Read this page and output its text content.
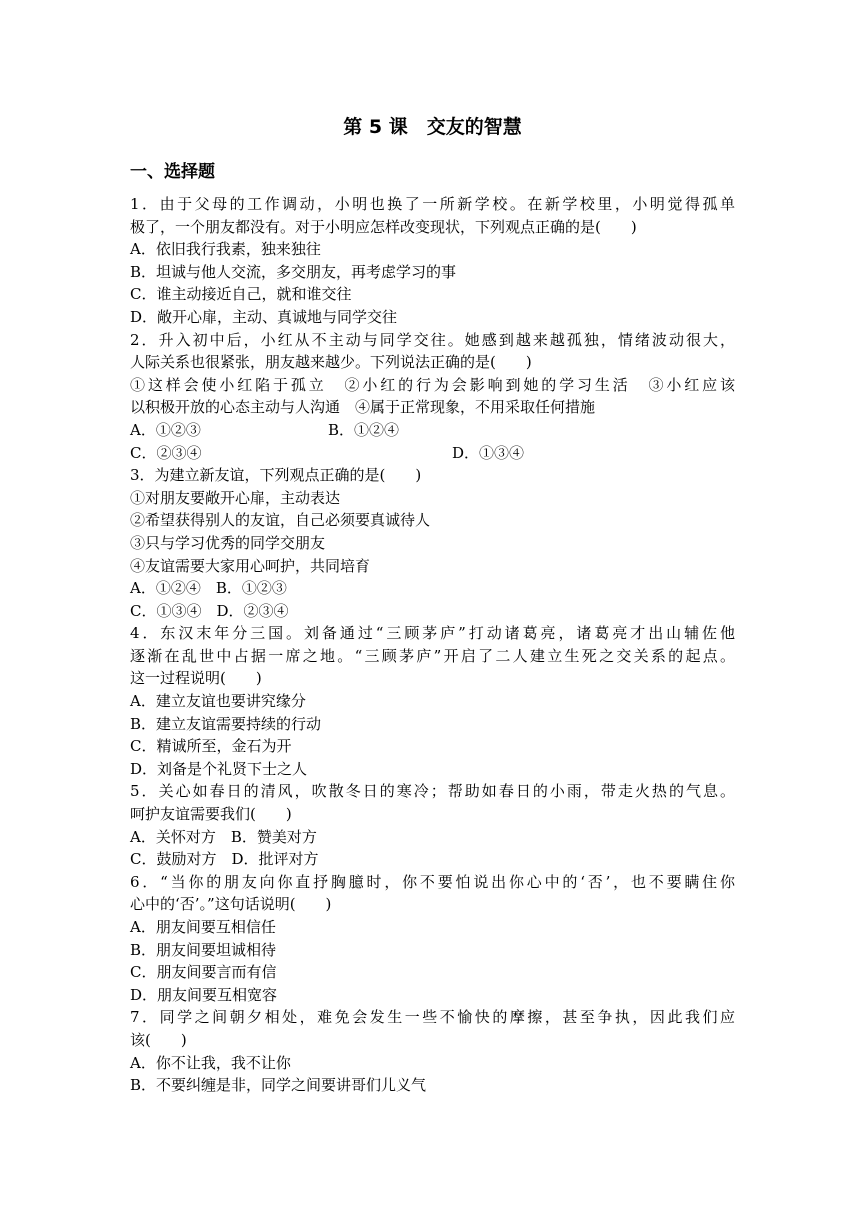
第 5 课　交友的智慧
一、选择题
1．由于父母的工作调动，小明也换了一所新学校。在新学校里，小明觉得孤单
极了，一个朋友都没有。对于小明应怎样改变现状，下列观点正确的是(　　)
A．依旧我行我素，独来独往
B．坦诚与他人交流，多交朋友，再考虑学习的事
C．谁主动接近自己，就和谁交往
D．敞开心扉，主动、真诚地与同学交往
2．升入初中后，小红从不主动与同学交往。她感到越来越孤独，情绪波动很大，
人际关系也很紧张，朋友越来越少。下列说法正确的是(　　)
①这样会使小红陷于孤立　②小红的行为会影响到她的学习生活　③小红应该
以积极开放的心态主动与人沟通　④属于正常现象，不用采取任何措施

A．①②③

	B．①②④

C．②③④

	D．①③④

3．为建立新友谊，下列观点正确的是(　　)
①对朋友要敞开心扉，主动表达
②希望获得别人的友谊，自己必须要真诚待人
③只与学习优秀的同学交朋友
④友谊需要大家用心呵护，共同培育
A．①②④　B．①②③
C．①③④　D．②③④
4．东汉末年分三国。刘备通过“三顾茅庐”打动诸葛亮，诸葛亮才出山辅佐他
逐渐在乱世中占据一席之地。“三顾茅庐”开启了二人建立生死之交关系的起点。
这一过程说明(　　)
A．建立友谊也要讲究缘分
B．建立友谊需要持续的行动
C．精诚所至，金石为开
D．刘备是个礼贤下士之人
5．关心如春日的清风，吹散冬日的寒冷；帮助如春日的小雨，带走火热的气息。
呵护友谊需要我们(　　)
A．关怀对方　B．赞美对方
C．鼓励对方　D．批评对方
6．“当你的朋友向你直抒胸臆时，你不要怕说出你心中的‘否’，也不要瞒住你
心中的‘否’。”这句话说明(　　)
A．朋友间要互相信任
B．朋友间要坦诚相待
C．朋友间要言而有信
D．朋友间要互相宽容
7．同学之间朝夕相处，难免会发生一些不愉快的摩擦，甚至争执，因此我们应
该(　　)
A．你不让我，我不让你
B．不要纠缠是非，同学之间要讲哥们儿义气
